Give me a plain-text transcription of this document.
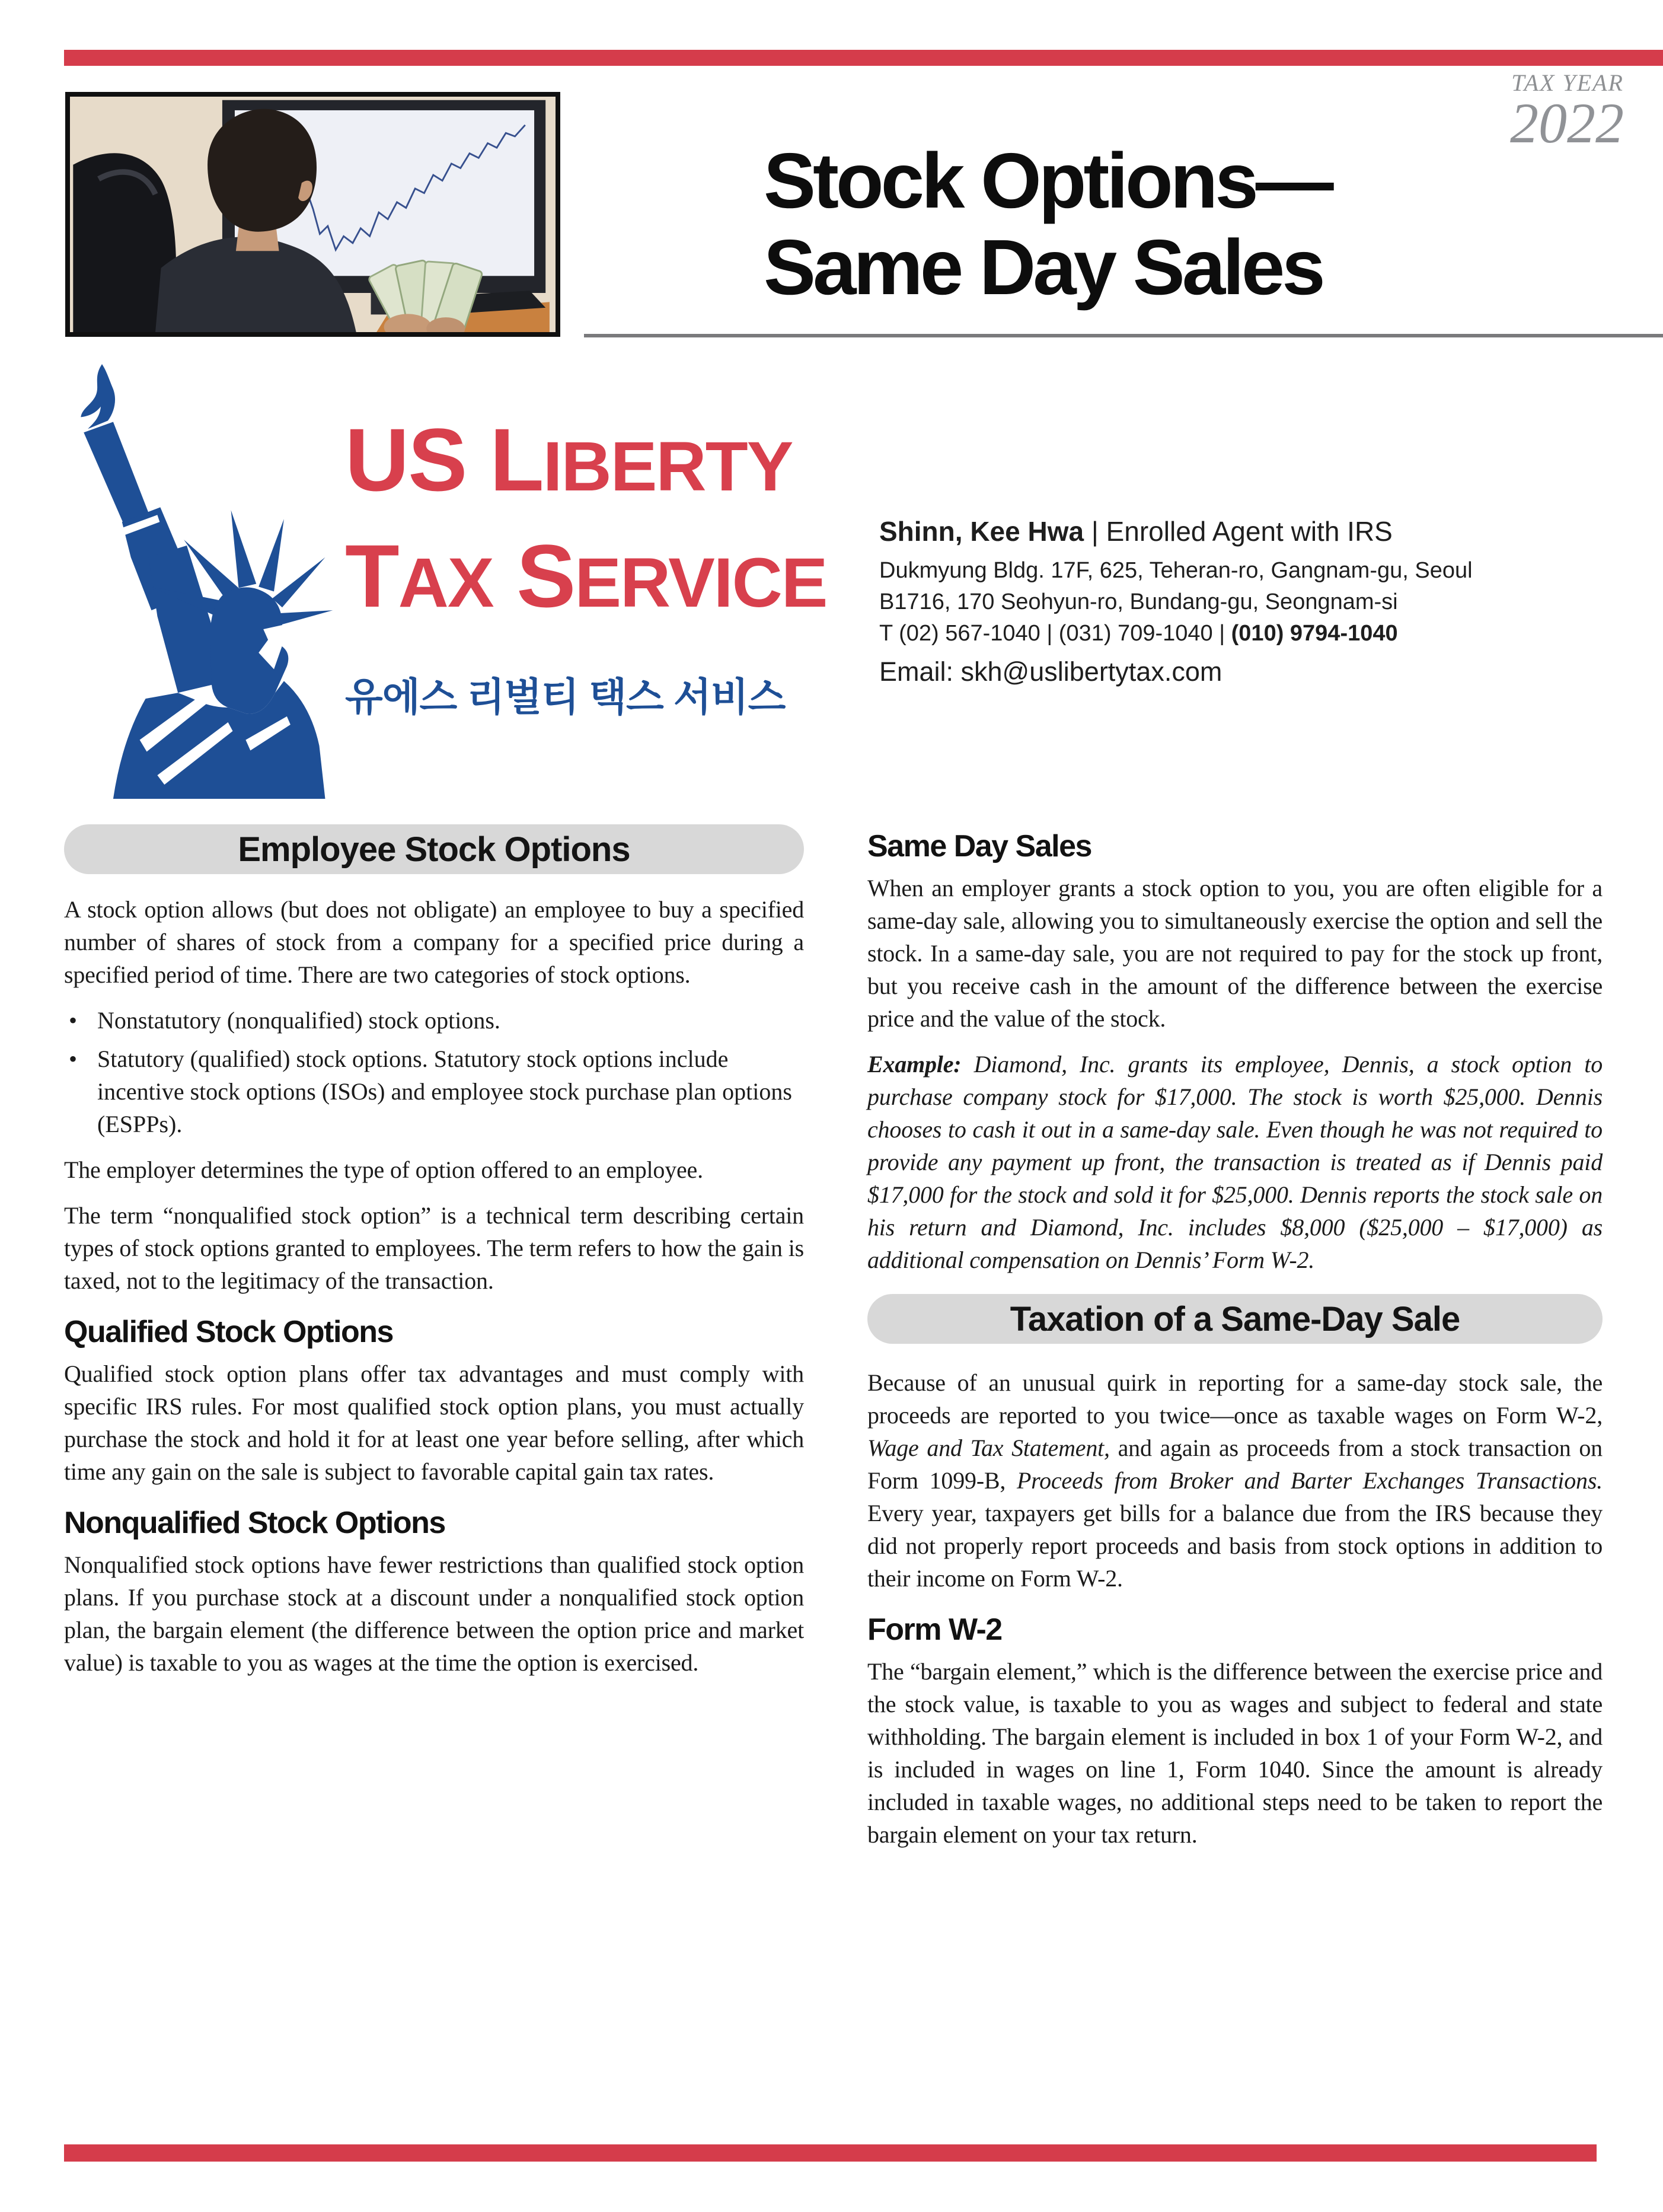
TAX YEAR
2022
Stock Options—
Same Day Sales
US LIBERTY
TAX SERVICE
유에스 리벌티 택스 서비스
Shinn, Kee Hwa | Enrolled Agent with IRS
Dukmyung Bldg. 17F, 625, Teheran-ro, Gangnam-gu, Seoul
B1716, 170 Seohyun-ro, Bundang-gu, Seongnam-si
T (02) 567-1040 | (031) 709-1040 | (010) 9794-1040
Email: skh@uslibertytax.com
Employee Stock Options

A stock option allows (but does not obligate) an employee to buy a specified number of shares of stock from a company for a specified price during a specified period of time. There are two categories of stock options.

• Nonstatutory (nonqualified) stock options.
• Statutory (qualified) stock options. Statutory stock options include incentive stock options (ISOs) and employee stock purchase plan options (ESPPs).

The employer determines the type of option offered to an employee.

The term “nonqualified stock option” is a technical term describing certain types of stock options granted to employees. The term refers to how the gain is taxed, not to the legitimacy of the transaction.

Qualified Stock Options

Qualified stock option plans offer tax advantages and must comply with specific IRS rules. For most qualified stock option plans, you must actually purchase the stock and hold it for at least one year before selling, after which time any gain on the sale is subject to favorable capital gain tax rates.

Nonqualified Stock Options

Nonqualified stock options have fewer restrictions than qualified stock option plans. If you purchase stock at a discount under a nonqualified stock option plan, the bargain element (the difference between the option price and market value) is taxable to you as wages at the time the option is exercised.

Same Day Sales

When an employer grants a stock option to you, you are often eligible for a same-day sale, allowing you to simultaneously exercise the option and sell the stock. In a same-day sale, you are not required to pay for the stock up front, but you receive cash in the amount of the difference between the exercise price and the value of the stock.

Example: Diamond, Inc. grants its employee, Dennis, a stock option to purchase company stock for $17,000. The stock is worth $25,000. Dennis chooses to cash it out in a same-day sale. Even though he was not required to provide any payment up front, the transaction is treated as if Dennis paid $17,000 for the stock and sold it for $25,000. Dennis reports the stock sale on his return and Diamond, Inc. includes $8,000 ($25,000 – $17,000) as additional compensation on Dennis’ Form W-2.

Taxation of a Same-Day Sale

Because of an unusual quirk in reporting for a same-day stock sale, the proceeds are reported to you twice—once as taxable wages on Form W-2, Wage and Tax Statement, and again as proceeds from a stock transaction on Form 1099-B, Proceeds from Broker and Barter Exchanges Transactions. Every year, taxpayers get bills for a balance due from the IRS because they did not properly report proceeds and basis from stock options in addition to their income on Form W-2.

Form W-2

The “bargain element,” which is the difference between the exercise price and the stock value, is taxable to you as wages and subject to federal and state withholding. The bargain element is included in box 1 of your Form W-2, and is included in wages on line 1, Form 1040. Since the amount is already included in taxable wages, no additional steps need to be taken to report the bargain element on your tax return.
